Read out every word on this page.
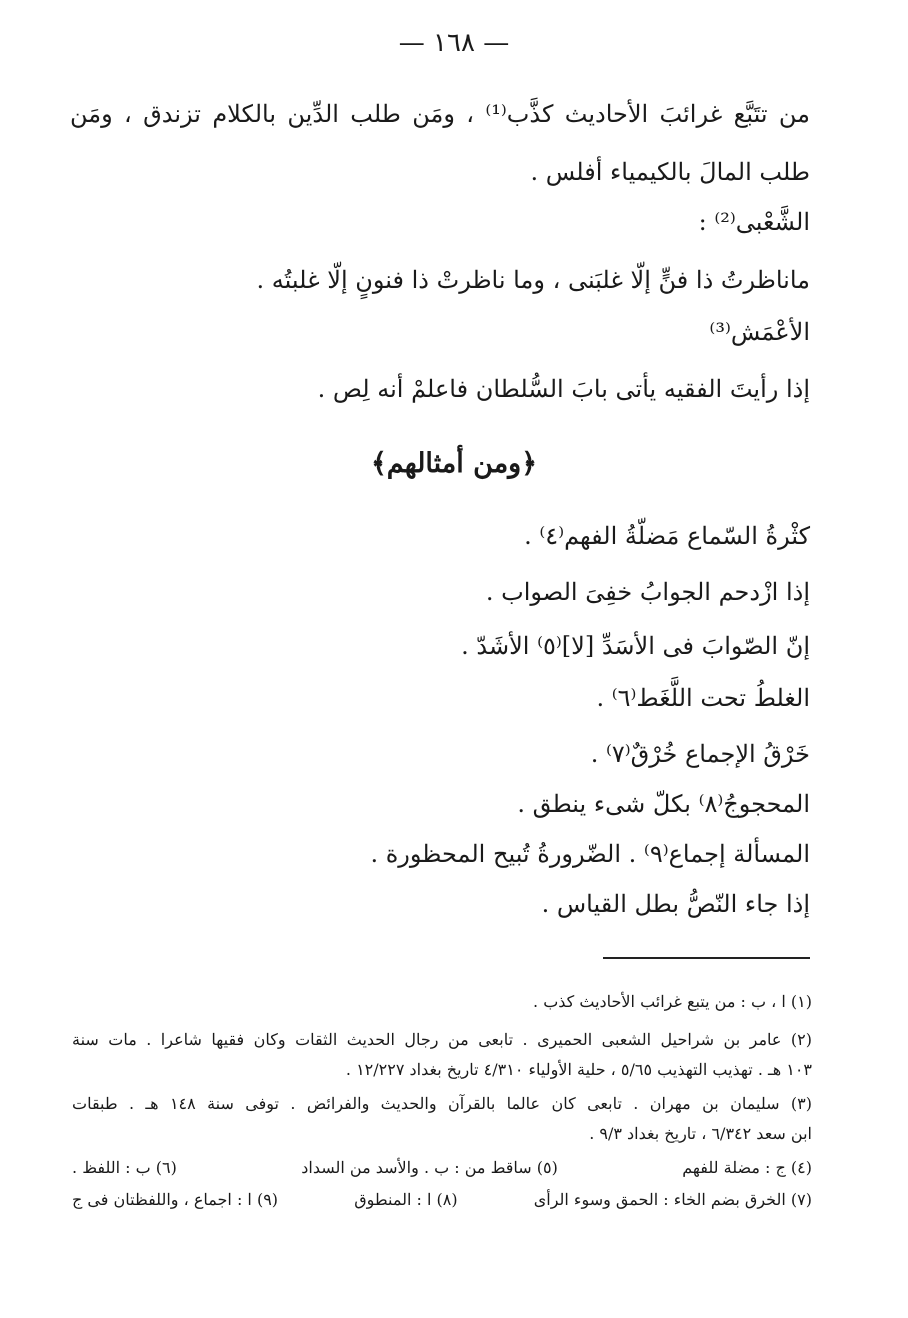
— ١٦٨ —
من تتَبَّع غرائبَ الأحاديث كذَّب⁽¹⁾ ، ومَن طلب الدِّين بالكلام تزندق ، ومَن
طلب المالَ بالكيمياء أفلس .
الشَّعْبى⁽²⁾ :
ماناظرتُ ذا فنٍّ إلّا غلبَنى ، وما ناظرتْ ذا فنونٍ إلّا غلبتُه .
الأعْمَش⁽³⁾
إذا رأيتَ الفقيه يأتى بابَ السُّلطان فاعلمْ أنه لِص .
﴿ومن أمثالهم﴾
كثْرةُ السّماع مَضلّةُ الفهم⁽٤⁾ .
إذا ازْدحم الجوابُ خفِىَ الصواب .
إنّ الصّوابَ فى الأسَدِّ [لا]⁽٥⁾ الأشَدّ .
الغلطُ تحت اللَّغَط⁽٦⁾ .
خَرْقُ الإجماع خُرْقٌ⁽٧⁾ .
المحجوجُ⁽٨⁾ بكلّ شىء ينطق .
المسألة إجماع⁽٩⁾ . الضّرورةُ تُبيح المحظورة .
إذا جاء النّصُّ بطل القياس .
(١) ا ، ب : من يتبع غرائب الأحاديث كذب .
(٢) عامر بن شراحيل الشعبى الحميرى . تابعى من رجال الحديث الثقات وكان فقيها شاعرا . مات سنة
١٠٣ هـ . تهذيب التهذيب ٥/٦٥ ، حلية الأولياء ٤/٣١٠ تاريخ بغداد ١٢/٢٢٧ .
(٣) سليمان بن مهران . تابعى كان عالما بالقرآن والحديث والفرائض . توفى سنة ١٤٨ هـ . طبقات
ابن سعد ٦/٣٤٢ ، تاريخ بغداد ٩/٣ .
(٤) ج : مضلة للفهم
(٥) ساقط من : ب . والأسد من السداد
(٦) ب : اللفظ .
(٧) الخرق بضم الخاء : الحمق وسوء الرأى
(٨) ا : المنطوق
(٩) ا : اجماع ، واللفظتان فى ج
